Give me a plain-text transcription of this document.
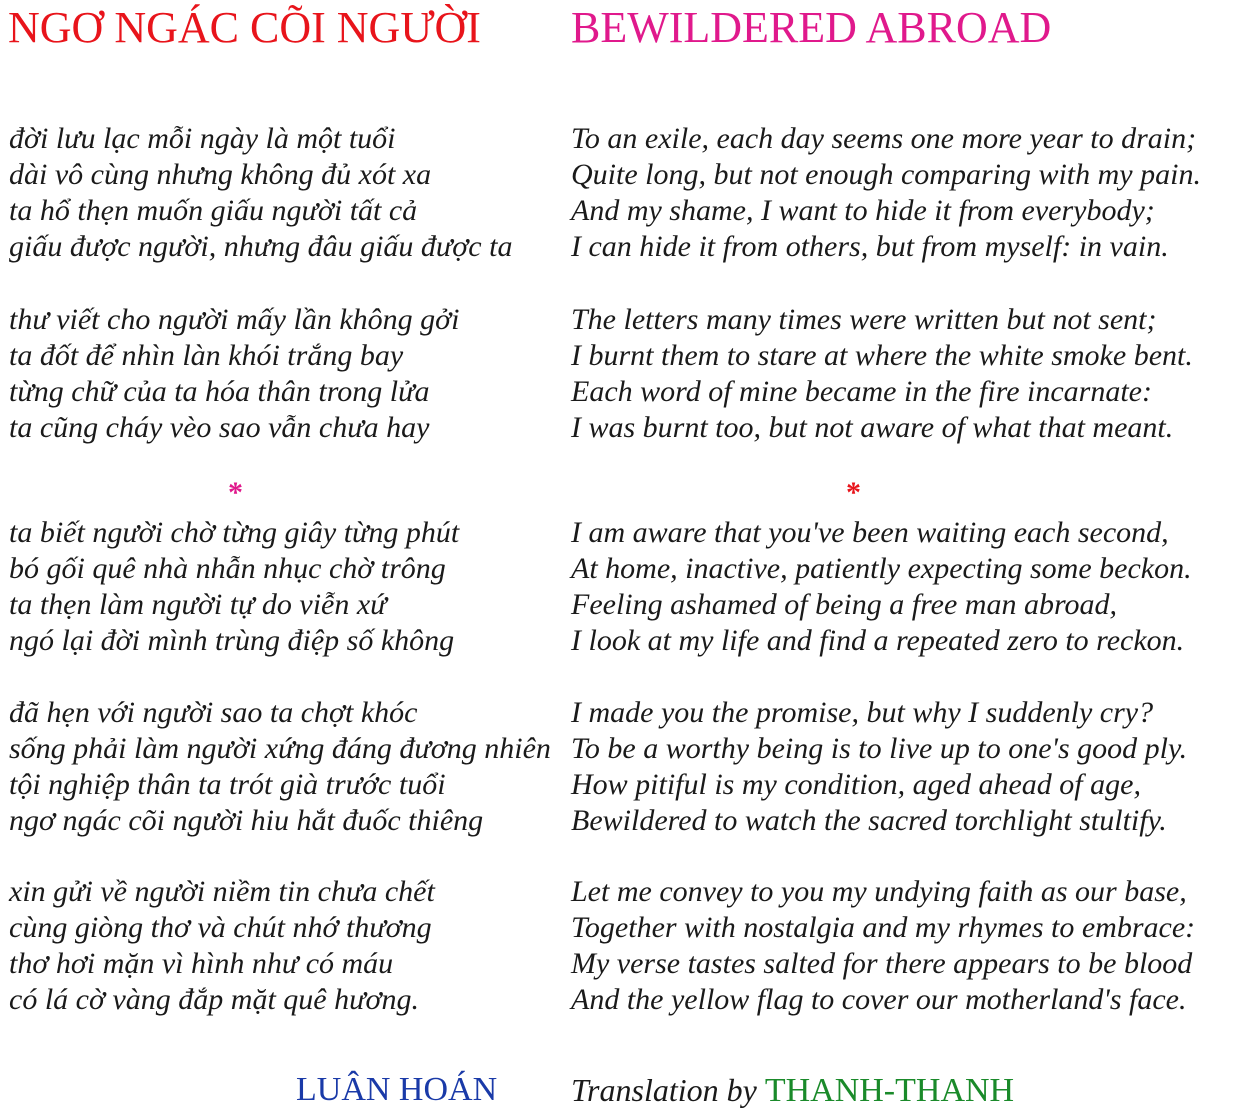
NGƠ NGÁC CÕI NGƯỜI BEWILDERED ABROAD
đời lưu lạc mỗi ngày là một tuổi
dài vô cùng nhưng không đủ xót xa
ta hổ thẹn muốn giấu người tất cả
giấu được người, nhưng đâu giấu được ta
thư viết cho người mấy lần không gởi
ta đốt để nhìn làn khói trắng bay
từng chữ của ta hóa thân trong lửa
ta cũng cháy vèo sao vẫn chưa hay
ta biết người chờ từng giây từng phút
bó gối quê nhà nhẫn nhục chờ trông
ta thẹn làm người tự do viễn xứ
ngó lại đời mình trùng điệp số không
đã hẹn với người sao ta chợt khóc
sống phải làm người xứng đáng đương nhiên
tội nghiệp thân ta trót già trước tuổi
ngơ ngác cõi người hiu hắt đuốc thiêng
xin gửi về người niềm tin chưa chết
cùng giòng thơ và chút nhớ thương
thơ hơi mặn vì hình như có máu
có lá cờ vàng đắp mặt quê hương.
To an exile, each day seems one more year to drain;
Quite long, but not enough comparing with my pain.
And my shame, I want to hide it from everybody;
I can hide it from others, but from myself: in vain.
The letters many times were written but not sent;
I burnt them to stare at where the white smoke bent.
Each word of mine became in the fire incarnate:
I was burnt too, but not aware of what that meant.
I am aware that you've been waiting each second,
At home, inactive, patiently expecting some beckon.
Feeling ashamed of being a free man abroad,
I look at my life and find a repeated zero to reckon.
I made you the promise, but why I suddenly cry?
To be a worthy being is to live up to one's good ply.
How pitiful is my condition, aged ahead of age,
Bewildered to watch the sacred torchlight stultify.
Let me convey to you my undying faith as our base,
Together with nostalgia and my rhymes to embrace:
My verse tastes salted for there appears to be blood
And the yellow flag to cover our motherland's face.
*	*
LUÂN HOÁN Translation by THANH-THANH
